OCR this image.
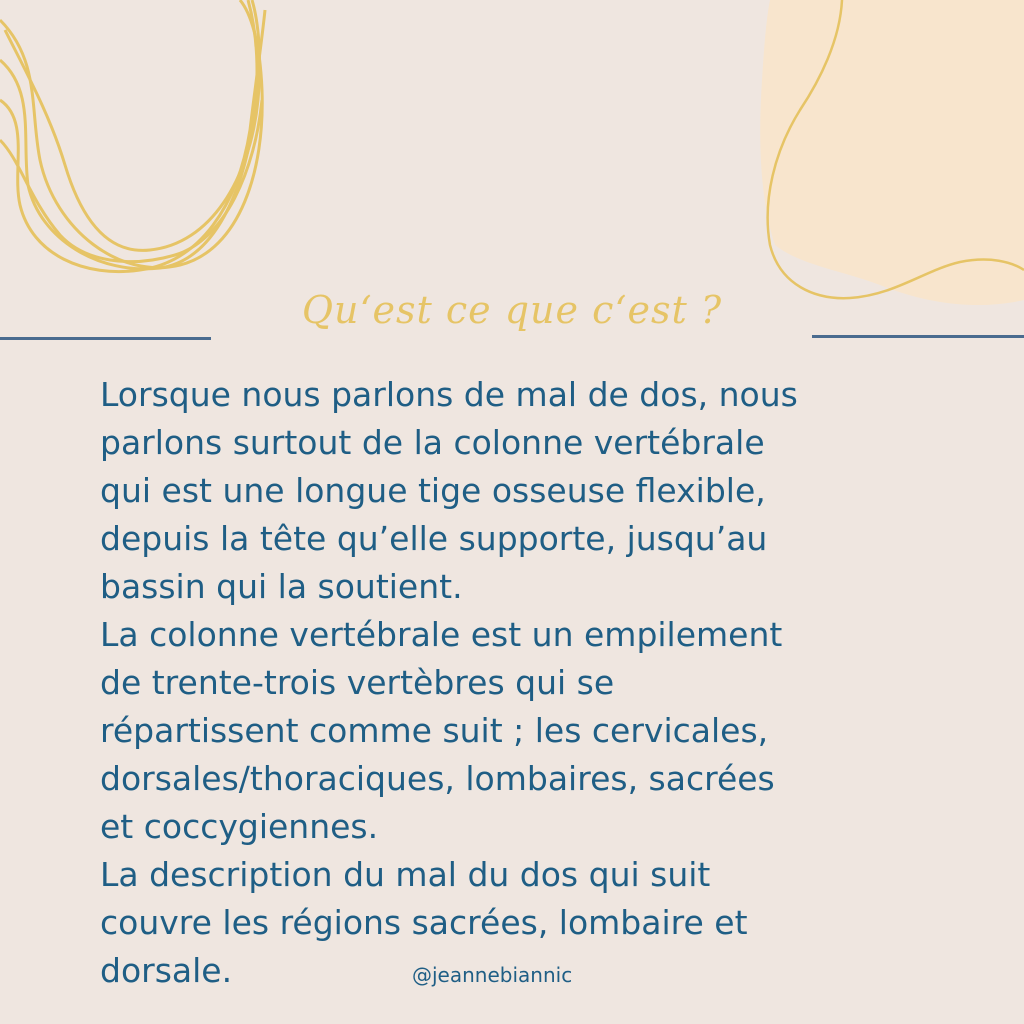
Qu‘est ce que c‘est ?
Lorsque nous parlons de mal de dos, nous
parlons surtout de la colonne vertébrale
qui est une longue tige osseuse flexible,
depuis la tête qu’elle supporte, jusqu’au
bassin qui la soutient.
La colonne vertébrale est un empilement
de trente-trois vertèbres qui se
répartissent comme suit ; les cervicales,
dorsales/thoraciques, lombaires, sacrées
et coccygiennes.
La description du mal du dos qui suit
couvre les régions sacrées, lombaire et
dorsale.	@jeannebiannic
